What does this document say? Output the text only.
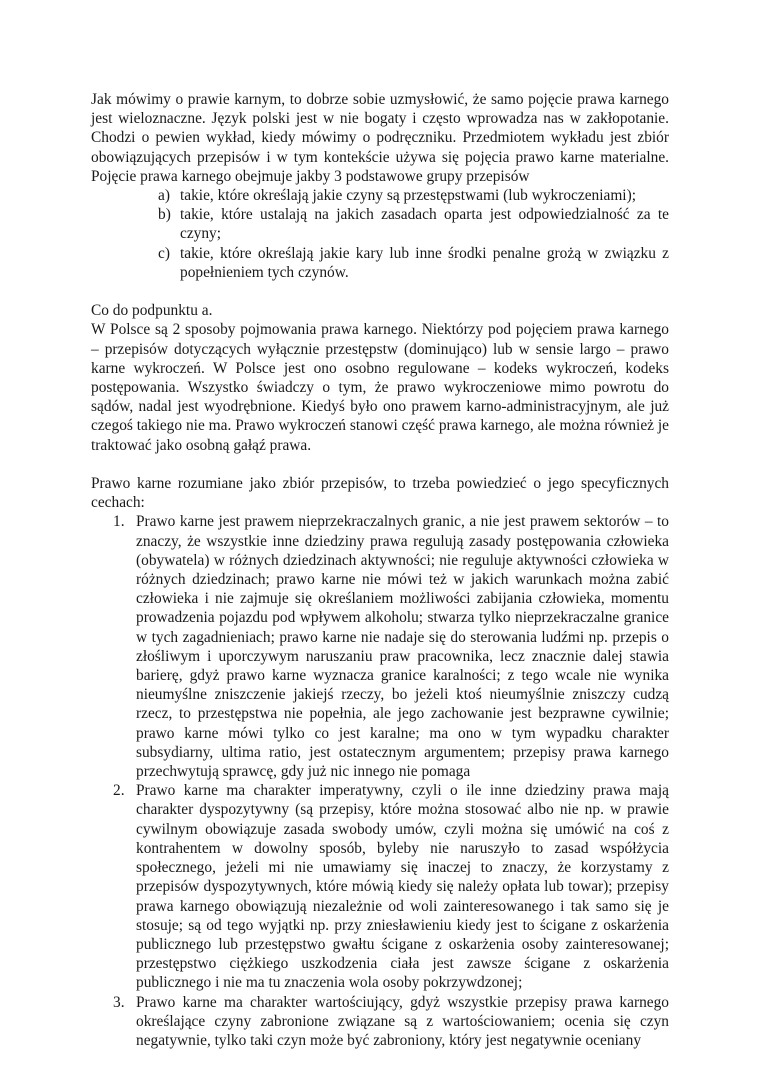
Jak mówimy o prawie karnym, to dobrze sobie uzmysłowić, że samo pojęcie prawa karnego jest wieloznaczne. Język polski jest w nie bogaty i często wprowadza nas w zakłopotanie. Chodzi o pewien wykład, kiedy mówimy o podręczniku. Przedmiotem wykładu jest zbiór obowiązujących przepisów i w tym kontekście używa się pojęcia prawo karne materialne. Pojęcie prawa karnego obejmuje jakby 3 podstawowe grupy przepisów

a) takie, które określają jakie czyny są przestępstwami (lub wykroczeniami);
b) takie, które ustalają na jakich zasadach oparta jest odpowiedzialność za te czyny;
c) takie, które określają jakie kary lub inne środki penalne grożą w związku z popełnieniem tych czynów.

Co do podpunktu a.

W Polsce są 2 sposoby pojmowania prawa karnego. Niektórzy pod pojęciem prawa karnego – przepisów dotyczących wyłącznie przestępstw (dominująco) lub w sensie largo – prawo karne wykroczeń. W Polsce jest ono osobno regulowane – kodeks wykroczeń, kodeks postępowania. Wszystko świadczy o tym, że prawo wykroczeniowe mimo powrotu do sądów, nadal jest wyodrębnione. Kiedyś było ono prawem karno-administracyjnym, ale już czegoś takiego nie ma. Prawo wykroczeń stanowi część prawa karnego, ale można również je traktować jako osobną gałąź prawa.

Prawo karne rozumiane jako zbiór przepisów, to trzeba powiedzieć o jego specyficznych cechach:

1. Prawo karne jest prawem nieprzekraczalnych granic, a nie jest prawem sektorów – to znaczy, że wszystkie inne dziedziny prawa regulują zasady postępowania człowieka (obywatela) w różnych dziedzinach aktywności; nie reguluje aktywności człowieka w różnych dziedzinach; prawo karne nie mówi też w jakich warunkach można zabić człowieka i nie zajmuje się określaniem możliwości zabijania człowieka, momentu prowadzenia pojazdu pod wpływem alkoholu; stwarza tylko nieprzekraczalne granice w tych zagadnieniach; prawo karne nie nadaje się do sterowania ludźmi np. przepis o złośliwym i uporczywym naruszaniu praw pracownika, lecz znacznie dalej stawia barierę, gdyż prawo karne wyznacza granice karalności; z tego wcale nie wynika nieumyślne zniszczenie jakiejś rzeczy, bo jeżeli ktoś nieumyślnie zniszczy cudzą rzecz, to przestępstwa nie popełnia, ale jego zachowanie jest bezprawne cywilnie; prawo karne mówi tylko co jest karalne; ma ono w tym wypadku charakter subsydiarny, ultima ratio, jest ostatecznym argumentem; przepisy prawa karnego przechwytują sprawcę, gdy już nic innego nie pomaga
2. Prawo karne ma charakter imperatywny, czyli o ile inne dziedziny prawa mają charakter dyspozytywny (są przepisy, które można stosować albo nie np. w prawie cywilnym obowiązuje zasada swobody umów, czyli można się umówić na coś z kontrahentem w dowolny sposób, byleby nie naruszyło to zasad współżycia społecznego, jeżeli mi nie umawiamy się inaczej to znaczy, że korzystamy z przepisów dyspozytywnych, które mówią kiedy się należy opłata lub towar); przepisy prawa karnego obowiązują niezależnie od woli zainteresowanego i tak samo się je stosuje; są od tego wyjątki np. przy zniesławieniu kiedy jest to ścigane z oskarżenia publicznego lub przestępstwo gwałtu ścigane z oskarżenia osoby zainteresowanej; przestępstwo ciężkiego uszkodzenia ciała jest zawsze ścigane z oskarżenia publicznego i nie ma tu znaczenia wola osoby pokrzywdzonej;
3. Prawo karne ma charakter wartościujący, gdyż wszystkie przepisy prawa karnego określające czyny zabronione związane są z wartościowaniem; ocenia się czyn negatywnie, tylko taki czyn może być zabroniony, który jest negatywnie oceniany
